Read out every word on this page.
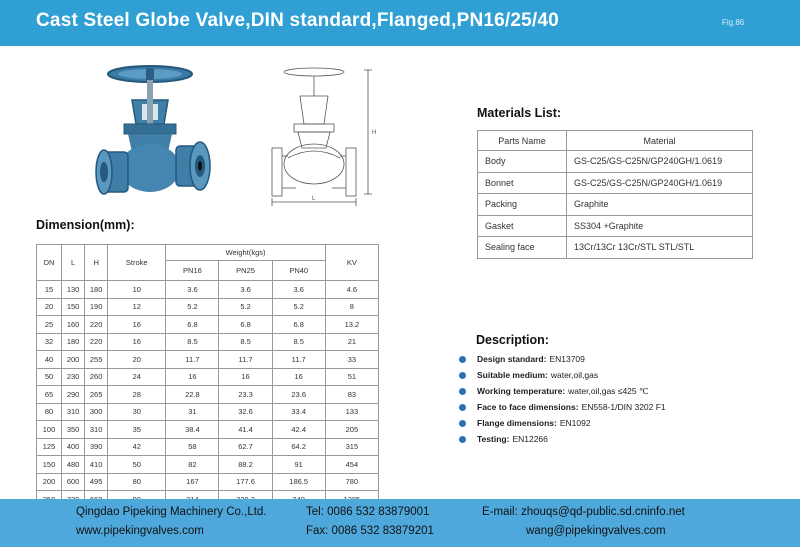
Cast Steel Globe Valve,DIN standard,Flanged,PN16/25/40	Fig.86
H
L
Dimension(mm):
DN	L	H	Stroke	Weight(kgs)			KV
				PN16	PN25	PN40	
15	130	180	10	3.6	3.6	3.6	4.6
20	150	190	12	5.2	5.2	5.2	8
25	160	220	16	6.8	6.8	6.8	13.2
32	180	220	16	8.5	8.5	8.5	21
40	200	255	20	11.7	11.7	11.7	33
50	230	260	24	16	16	16	51
65	290	265	28	22.8	23.3	23.6	83
80	310	300	30	31	32.6	33.4	133
100	350	310	35	38.4	41.4	42.4	205
125	400	390	42	58	62.7	64.2	315
150	480	410	50	82	88.2	91	454
200	600	495	80	167	177.6	186.5	780

Materials List:
Parts Name	Material
Body	GS-C25/GS-C25N/GP240GH/1.0619
Bonnet	GS-C25/GS-C25N/GP240GH/1.0619
Packing	Graphite
Gasket	SS304 +Graphite
Sealing face	13Cr/13Cr 13Cr/STL STL/STL
Description:
Design standard: EN13709
Suitable medium: water,oil,gas
Working temperature: water,oil,gas ≤425 ℃
Face to face dimensions: EN558-1/DIN 3202 F1
Flange dimensions: EN1092
Testing: EN12266
Qingdao Pipeking Machinery Co.,Ltd.	Tel: 0086 532 83879001	E-mail: zhouqs@qd-public.sd.cninfo.net
www.pipekingvalves.com	Fax: 0086 532 83879201	wang@pipekingvalves.com
